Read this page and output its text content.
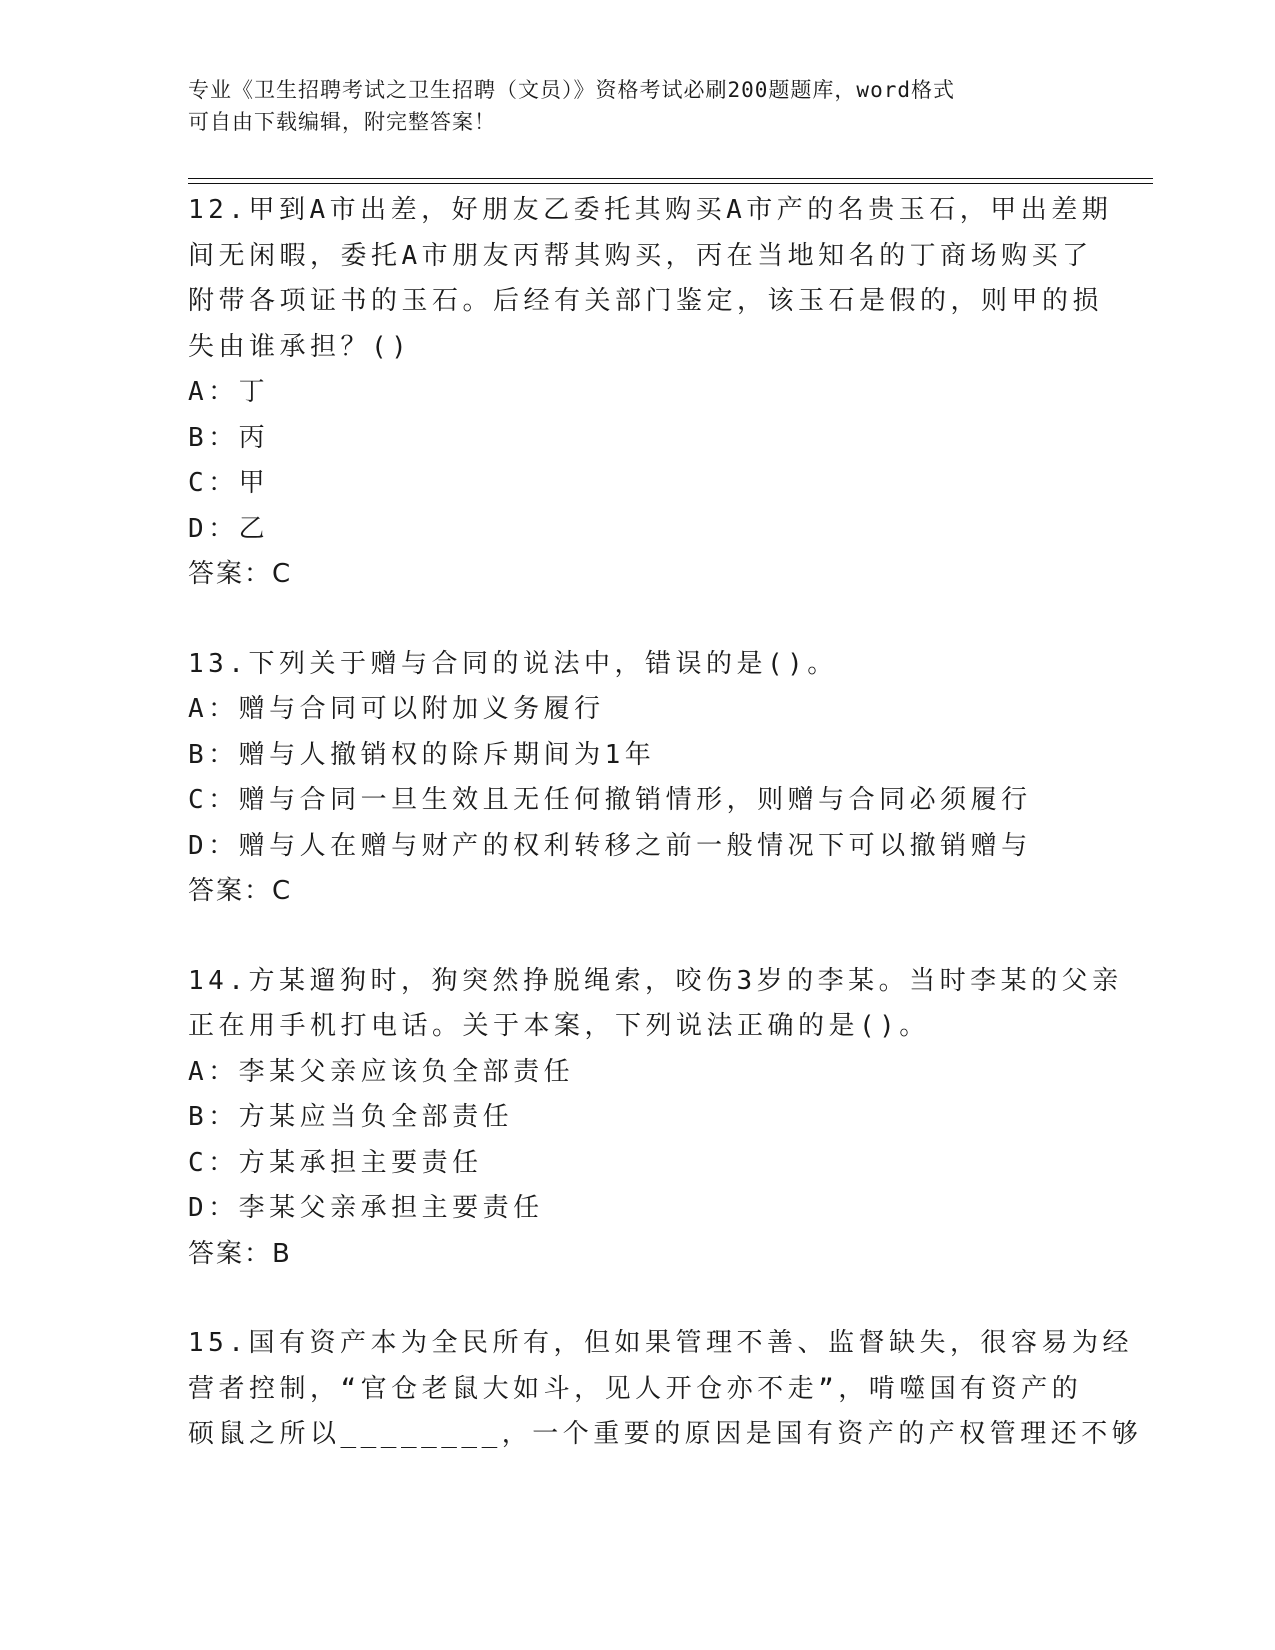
专业《卫生招聘考试之卫生招聘（文员）》资格考试必刷200题题库，word格式
可自由下载编辑，附完整答案！
12.甲到A市出差，好朋友乙委托其购买A市产的名贵玉石，甲出差期
间无闲暇，委托A市朋友丙帮其购买，丙在当地知名的丁商场购买了
附带各项证书的玉石。后经有关部门鉴定，该玉石是假的，则甲的损
失由谁承担？()
A：丁
B：丙
C：甲
D：乙
答案：C
13.下列关于赠与合同的说法中，错误的是()。
A：赠与合同可以附加义务履行
B：赠与人撤销权的除斥期间为1年
C：赠与合同一旦生效且无任何撤销情形，则赠与合同必须履行
D：赠与人在赠与财产的权利转移之前一般情况下可以撤销赠与
答案：C
14.方某遛狗时，狗突然挣脱绳索，咬伤3岁的李某。当时李某的父亲
正在用手机打电话。关于本案，下列说法正确的是()。
A：李某父亲应该负全部责任
B：方某应当负全部责任
C：方某承担主要责任
D：李某父亲承担主要责任
答案：B
15.国有资产本为全民所有，但如果管理不善、监督缺失，很容易为经
营者控制，“官仓老鼠大如斗，见人开仓亦不走”，啃噬国有资产的
硕鼠之所以________，一个重要的原因是国有资产的产权管理还不够
